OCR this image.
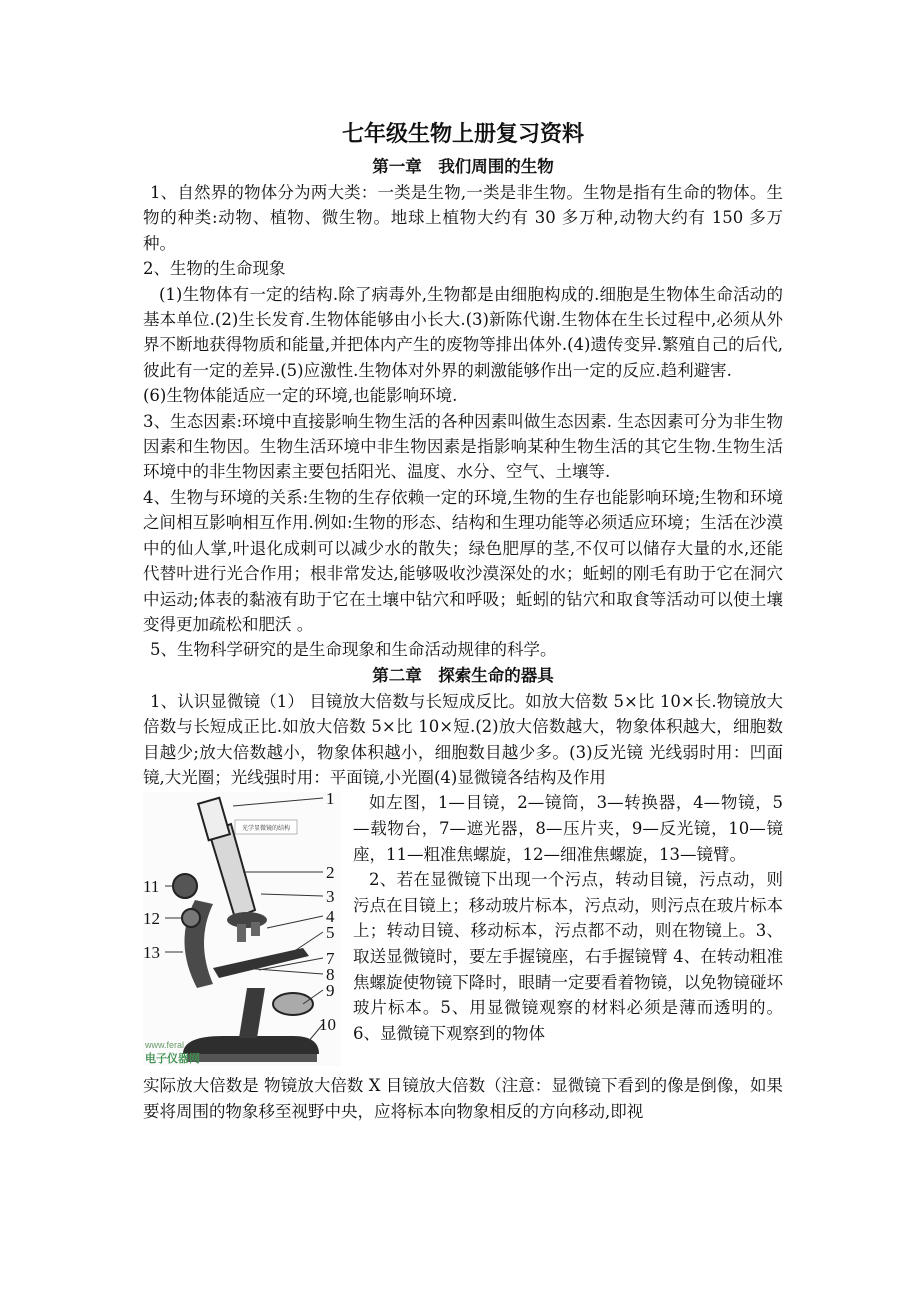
七年级生物上册复习资料
第一章　我们周围的生物

1、自然界的物体分为两大类：一类是生物,一类是非生物。生物是指有生命的物体。生物的种类:动物、植物、微生物。地球上植物大约有 30 多万种,动物大约有 150 多万种。

2、生物的生命现象

(1)生物体有一定的结构.除了病毒外,生物都是由细胞构成的.细胞是生物体生命活动的基本单位.(2)生长发育.生物体能够由小长大.(3)新陈代谢.生物体在生长过程中,必须从外界不断地获得物质和能量,并把体内产生的废物等排出体外.(4)遗传变异.繁殖自己的后代,彼此有一定的差异.(5)应激性.生物体对外界的刺激能够作出一定的反应.趋利避害.

(6)生物体能适应一定的环境,也能影响环境.

3、生态因素:环境中直接影响生物生活的各种因素叫做生态因素. 生态因素可分为非生物因素和生物因。生物生活环境中非生物因素是指影响某种生物生活的其它生物.生物生活环境中的非生物因素主要包括阳光、温度、水分、空气、土壤等.

4、生物与环境的关系:生物的生存依赖一定的环境,生物的生存也能影响环境;生物和环境之间相互影响相互作用.例如:生物的形态、结构和生理功能等必须适应环境；生活在沙漠中的仙人掌,叶退化成刺可以减少水的散失；绿色肥厚的茎,不仅可以储存大量的水,还能代替叶进行光合作用；根非常发达,能够吸收沙漠深处的水；蚯蚓的刚毛有助于它在洞穴中运动;体表的黏液有助于它在土壤中钻穴和呼吸；蚯蚓的钻穴和取食等活动可以使土壤变得更加疏松和肥沃 。

5、生物科学研究的是生命现象和生命活动规律的科学。

第二章　探索生命的器具

1、认识显微镜（1） 目镜放大倍数与长短成反比。如放大倍数 5×比 10×长.物镜放大倍数与长短成正比.如放大倍数 5×比 10×短.(2)放大倍数越大，物象体积越大，细胞数目越少;放大倍数越小，物象体积越小，细胞数目越少多。(3)反光镜 光线弱时用：凹面镜,大光圈；光线强时用：平面镜,小光圈(4)显微镜各结构及作用

光学显微镜的结构
1
2
3
4
5
7
8
9
10
11
12
13
www.feral
电子仪器网

如左图，1—目镜，2—镜筒，3—转换器，4—物镜，5—载物台，7—遮光器，8—压片夹，9—反光镜，10—镜座，11—粗准焦螺旋，12—细准焦螺旋，13—镜臂。

2、若在显微镜下出现一个污点，转动目镜，污点动，则污点在目镜上；移动玻片标本，污点动，则污点在玻片标本上；转动目镜、移动标本，污点都不动，则在物镜上。3、取送显微镜时，要左手握镜座，右手握镜臂 4、在转动粗准焦螺旋使物镜下降时，眼睛一定要看着物镜，以免物镜碰坏玻片标本。5、用显微镜观察的材料必须是薄而透明的。6、显微镜下观察到的物体

实际放大倍数是 物镜放大倍数 X 目镜放大倍数（注意：显微镜下看到的像是倒像，如果要将周围的物象移至视野中央，应将标本向物象相反的方向移动,即视
